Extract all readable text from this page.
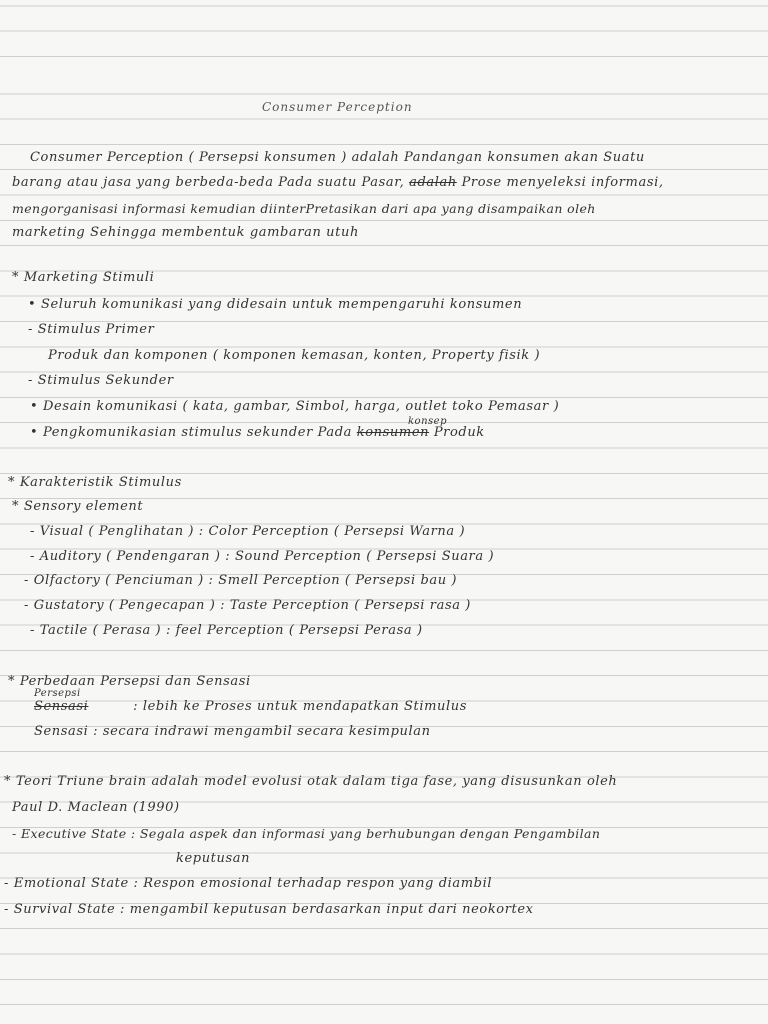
Consumer Perception
Consumer Perception ( Persepsi konsumen ) adalah Pandangan konsumen akan Suatu
barang atau jasa yang berbeda-beda Pada suatu Pasar, adalah Prose menyeleksi informasi,
mengorganisasi informasi kemudian diinterPretasikan dari apa yang disampaikan oleh
marketing Sehingga membentuk gambaran utuh
* Marketing Stimuli
• Seluruh komunikasi yang didesain untuk mempengaruhi konsumen
- Stimulus Primer
Produk dan komponen ( komponen kemasan, konten, Property fisik )
- Stimulus Sekunder
• Desain komunikasi ( kata, gambar, Simbol, harga, outlet toko Pemasar )
konsep
• Pengkomunikasian stimulus sekunder Pada konsumen Produk
* Karakteristik Stimulus
* Sensory element
- Visual ( Penglihatan ) : Color Perception ( Persepsi Warna )
- Auditory ( Pendengaran ) : Sound Perception ( Persepsi Suara )
- Olfactory ( Penciuman ) : Smell Perception ( Persepsi bau )
- Gustatory ( Pengecapan ) : Taste Perception ( Persepsi rasa )
- Tactile ( Perasa ) : feel Perception ( Persepsi Perasa )
* Perbedaan Persepsi dan Sensasi
Persepsi
Sensasi	: lebih ke Proses untuk mendapatkan Stimulus
Sensasi : secara indrawi mengambil secara kesimpulan
* Teori Triune brain adalah model evolusi otak dalam tiga fase, yang disusunkan oleh
Paul D. Maclean (1990)
- Executive State : Segala aspek dan informasi yang berhubungan dengan Pengambilan
keputusan
- Emotional State : Respon emosional terhadap respon yang diambil
- Survival State : mengambil keputusan berdasarkan input dari neokortex
